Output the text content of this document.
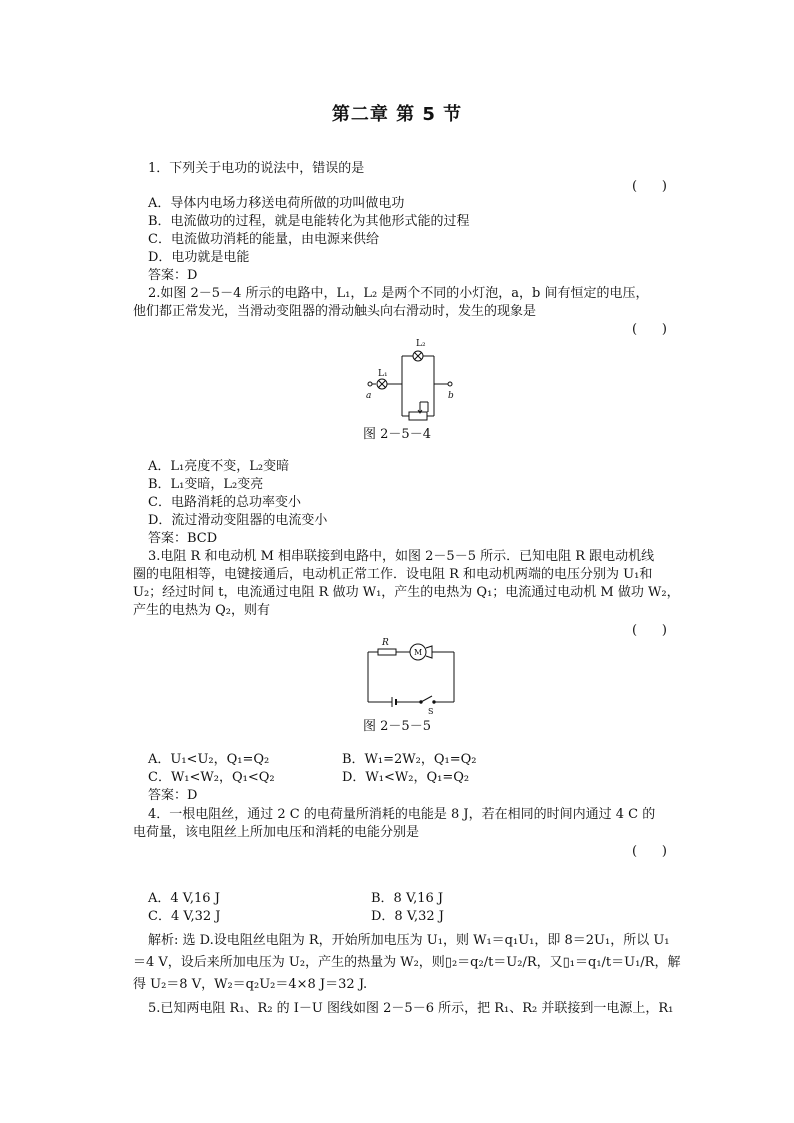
第二章 第 5 节
1．下列关于电功的说法中，错误的是
(      )
A．导体内电场力移送电荷所做的功叫做电功
B．电流做功的过程，就是电能转化为其他形式能的过程
C．电流做功消耗的能量，由电源来供给
D．电功就是电能
答案：D
2.如图 2－5－4 所示的电路中，L₁，L₂ 是两个不同的小灯泡，a，b 间有恒定的电压，
他们都正常发光，当滑动变阻器的滑动触头向右滑动时，发生的现象是
(      )
L₂
L₁
a	b
图 2－5－4
A．L₁亮度不变，L₂变暗
B．L₁变暗，L₂变亮
C．电路消耗的总功率变小
D．流过滑动变阻器的电流变小
答案：BCD
3.电阻 R 和电动机 M 相串联接到电路中，如图 2－5－5 所示．已知电阻 R 跟电动机线
圈的电阻相等，电键接通后，电动机正常工作．设电阻 R 和电动机两端的电压分别为 U₁和
U₂；经过时间 t，电流通过电阻 R 做功 W₁，产生的电热为 Q₁；电流通过电动机 M 做功 W₂，
产生的电热为 Q₂，则有
(      )
R
M
S
图 2－5－5
A．U₁<U₂，Q₁=Q₂	B．W₁=2W₂，Q₁=Q₂
C．W₁<W₂，Q₁<Q₂	D．W₁<W₂，Q₁=Q₂
答案：D
4．一根电阻丝，通过 2 C 的电荷量所消耗的电能是 8 J，若在相同的时间内通过 4 C 的
电荷量，该电阻丝上所加电压和消耗的电能分别是
(      )
A．4 V,16 J	B．8 V,16 J
C．4 V,32 J	D．8 V,32 J
解析: 选 D.设电阻丝电阻为 R，开始所加电压为 U₁，则 W₁＝q₁U₁，即 8＝2U₁，所以 U₁
＝4 V，设后来所加电压为 U₂，产生的热量为 W₂，则▯₂＝q₂/t＝U₂/R，又▯₁＝q₁/t＝U₁/R，解
得 U₂＝8 V，W₂＝q₂U₂＝4×8 J＝32 J.
5.已知两电阻 R₁、R₂ 的 I－U 图线如图 2－5－6 所示，把 R₁、R₂ 并联接到一电源上，R₁
